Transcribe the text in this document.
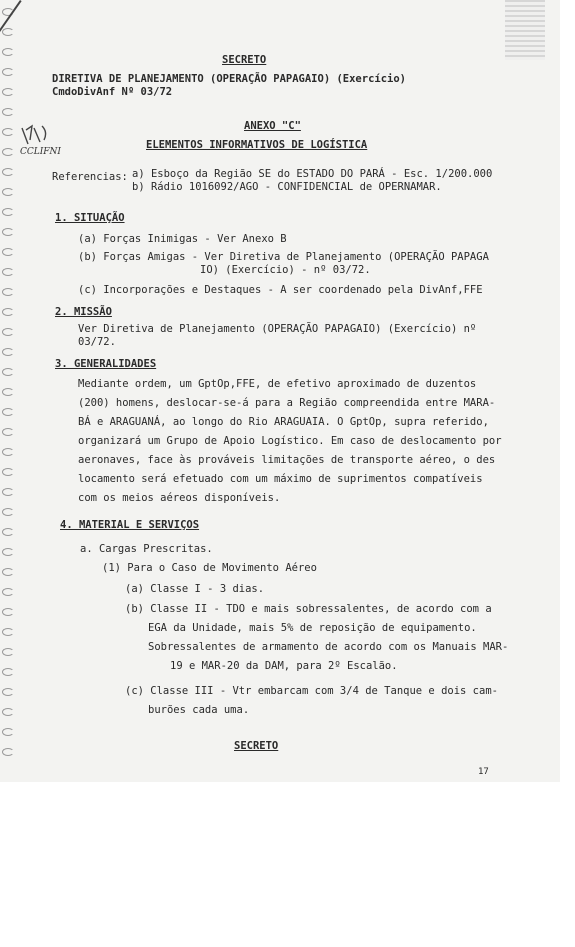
CCLIFNI
SECRETO
DIRETIVA DE PLANEJAMENTO (OPERAÇÃO PAPAGAIO) (Exercício)
CmdoDivAnf Nº 03/72
ANEXO "C"
ELEMENTOS INFORMATIVOS DE LOGÍSTICA
Referencias: a) Esboço da Região SE do ESTADO DO PARÁ - Esc. 1/200.000
b) Rádio 1016092/AGO - CONFIDENCIAL de OPERNAMAR.
1. SITUAÇÃO
(a) Forças Inimigas - Ver Anexo B
(b) Forças Amigas - Ver Diretiva de Planejamento (OPERAÇÃO PAPAGA
IO) (Exercício) - nº 03/72.
(c) Incorporações e Destaques - A ser coordenado pela DivAnf,FFE
2. MISSÃO
Ver Diretiva de Planejamento (OPERAÇÃO PAPAGAIO) (Exercício) nº
03/72.
3. GENERALIDADES
Mediante ordem, um GptOp,FFE, de efetivo aproximado de duzentos
(200) homens, deslocar-se-á para a Região compreendida entre MARA-
BÁ e ARAGUANÁ, ao longo do Rio ARAGUAIA. O GptOp, supra referido,
organizará um Grupo de Apoio Logístico. Em caso de deslocamento por
aeronaves, face às prováveis limitações de transporte aéreo, o des
locamento será efetuado com um máximo de suprimentos compatíveis
com os meios aéreos disponíveis.
4. MATERIAL E SERVIÇOS
a. Cargas Prescritas.
(1) Para o Caso de Movimento Aéreo
(a) Classe I - 3 dias.
(b) Classe II - TDO e mais sobressalentes, de acordo com a
EGA da Unidade, mais 5% de reposição de equipamento.
Sobressalentes de armamento de acordo com os Manuais MAR-
19 e MAR-20 da DAM, para 2º Escalão.
(c) Classe III - Vtr embarcam com 3/4 de Tanque e dois cam-
burões cada uma.
SECRETO
17
